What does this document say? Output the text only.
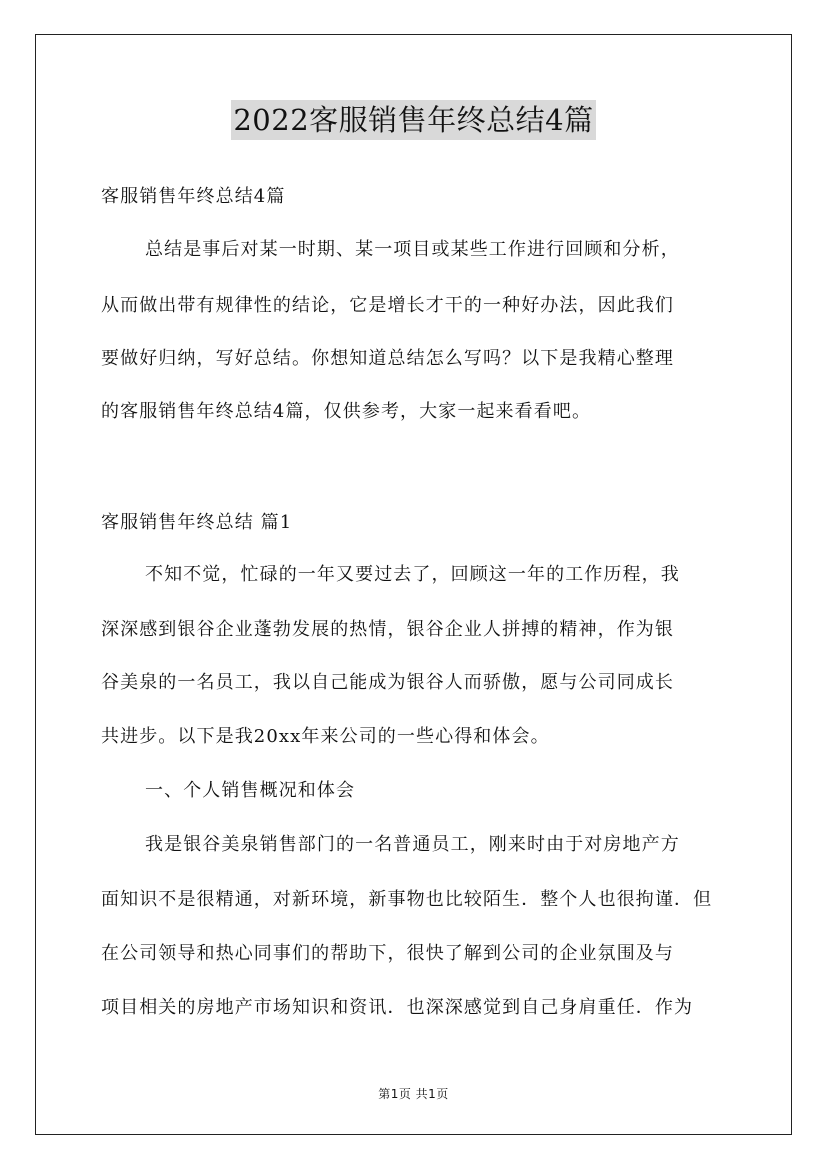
2022客服销售年终总结4篇
客服销售年终总结4篇
总结是事后对某一时期、某一项目或某些工作进行回顾和分析，
从而做出带有规律性的结论，它是增长才干的一种好办法，因此我们
要做好归纳，写好总结。你想知道总结怎么写吗？以下是我精心整理
的客服销售年终总结4篇，仅供参考，大家一起来看看吧。
客服销售年终总结 篇1
不知不觉，忙碌的一年又要过去了，回顾这一年的工作历程，我
深深感到银谷企业蓬勃发展的热情，银谷企业人拼搏的精神，作为银
谷美泉的一名员工，我以自己能成为银谷人而骄傲，愿与公司同成长
共进步。以下是我20xx年来公司的一些心得和体会。
一、个人销售概况和体会
我是银谷美泉销售部门的一名普通员工，刚来时由于对房地产方
面知识不是很精通，对新环境，新事物也比较陌生．整个人也很拘谨．但
在公司领导和热心同事们的帮助下，很快了解到公司的企业氛围及与
项目相关的房地产市场知识和资讯．也深深感觉到自己身肩重任．作为
第1页 共1页
